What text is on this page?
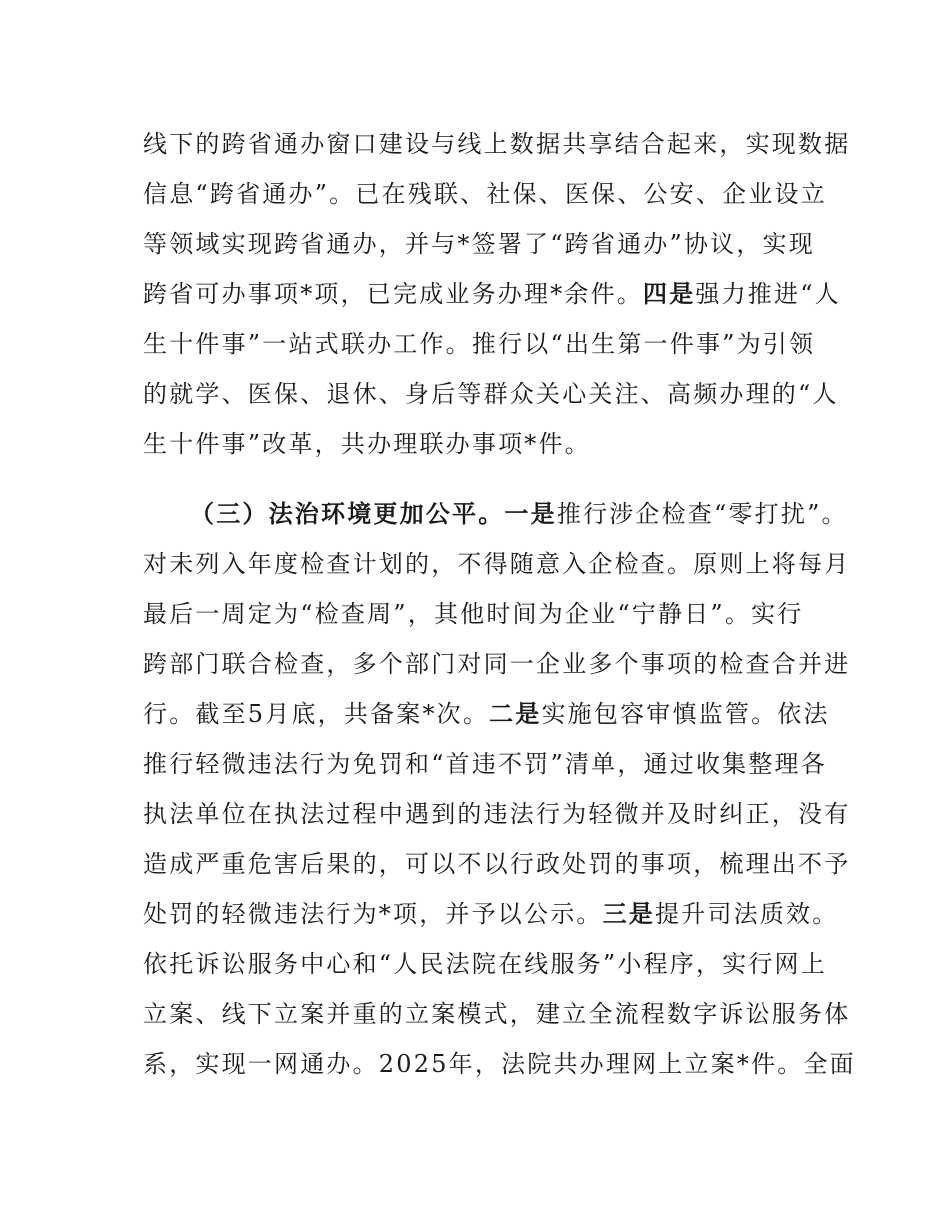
线下的跨省通办窗口建设与线上数据共享结合起来，实现数据
信息“跨省通办”。已在残联、社保、医保、公安、企业设立
等领域实现跨省通办，并与*签署了“跨省通办”协议，实现
跨省可办事项*项，已完成业务办理*余件。四是强力推进“人
生十件事”一站式联办工作。推行以“出生第一件事”为引领
的就学、医保、退休、身后等群众关心关注、高频办理的“人
生十件事”改革，共办理联办事项*件。
（三）法治环境更加公平。一是推行涉企检查“零打扰”。
对未列入年度检查计划的，不得随意入企检查。原则上将每月
最后一周定为“检查周”，其他时间为企业“宁静日”。实行
跨部门联合检查，多个部门对同一企业多个事项的检查合并进
行。截至5月底，共备案*次。二是实施包容审慎监管。依法
推行轻微违法行为免罚和“首违不罚”清单，通过收集整理各
执法单位在执法过程中遇到的违法行为轻微并及时纠正，没有
造成严重危害后果的，可以不以行政处罚的事项，梳理出不予
处罚的轻微违法行为*项，并予以公示。三是提升司法质效。
依托诉讼服务中心和“人民法院在线服务”小程序，实行网上
立案、线下立案并重的立案模式，建立全流程数字诉讼服务体
系，实现一网通办。2025年，法院共办理网上立案*件。全面
